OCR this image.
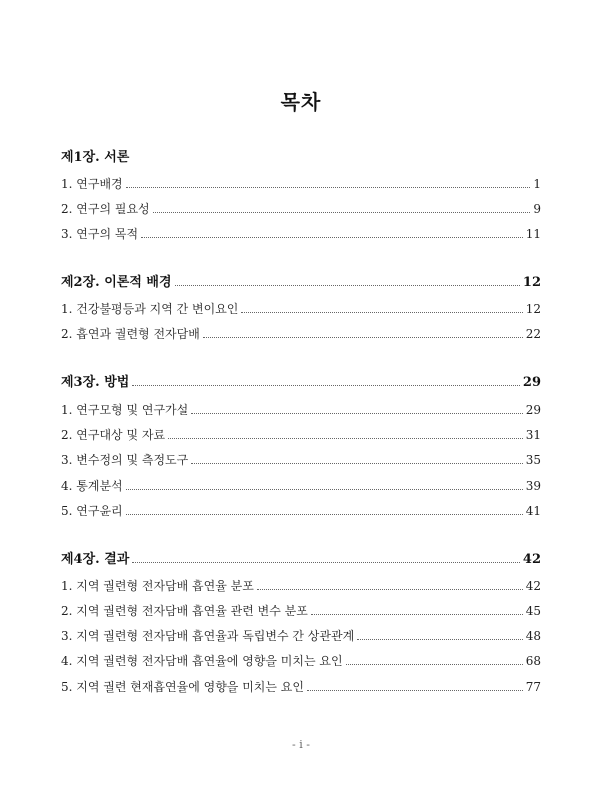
목차
제1장. 서론
1. 연구배경	1
2. 연구의 필요성	9
3. 연구의 목적	11
제2장. 이론적 배경	12
1. 건강불평등과 지역 간 변이요인	12
2. 흡연과 궐련형 전자담배	22
제3장. 방법	29
1. 연구모형 및 연구가설	29
2. 연구대상 및 자료	31
3. 변수정의 및 측정도구	35
4. 통계분석	39
5. 연구윤리	41
제4장. 결과	42
1. 지역 궐련형 전자담배 흡연율 분포	42
2. 지역 궐련형 전자담배 흡연율 관련 변수 분포	45
3. 지역 궐련형 전자담배 흡연율과 독립변수 간 상관관계	48
4. 지역 궐련형 전자담배 흡연율에 영향을 미치는 요인	68
5. 지역 궐련 현재흡연율에 영향을 미치는 요인	77
- i -
